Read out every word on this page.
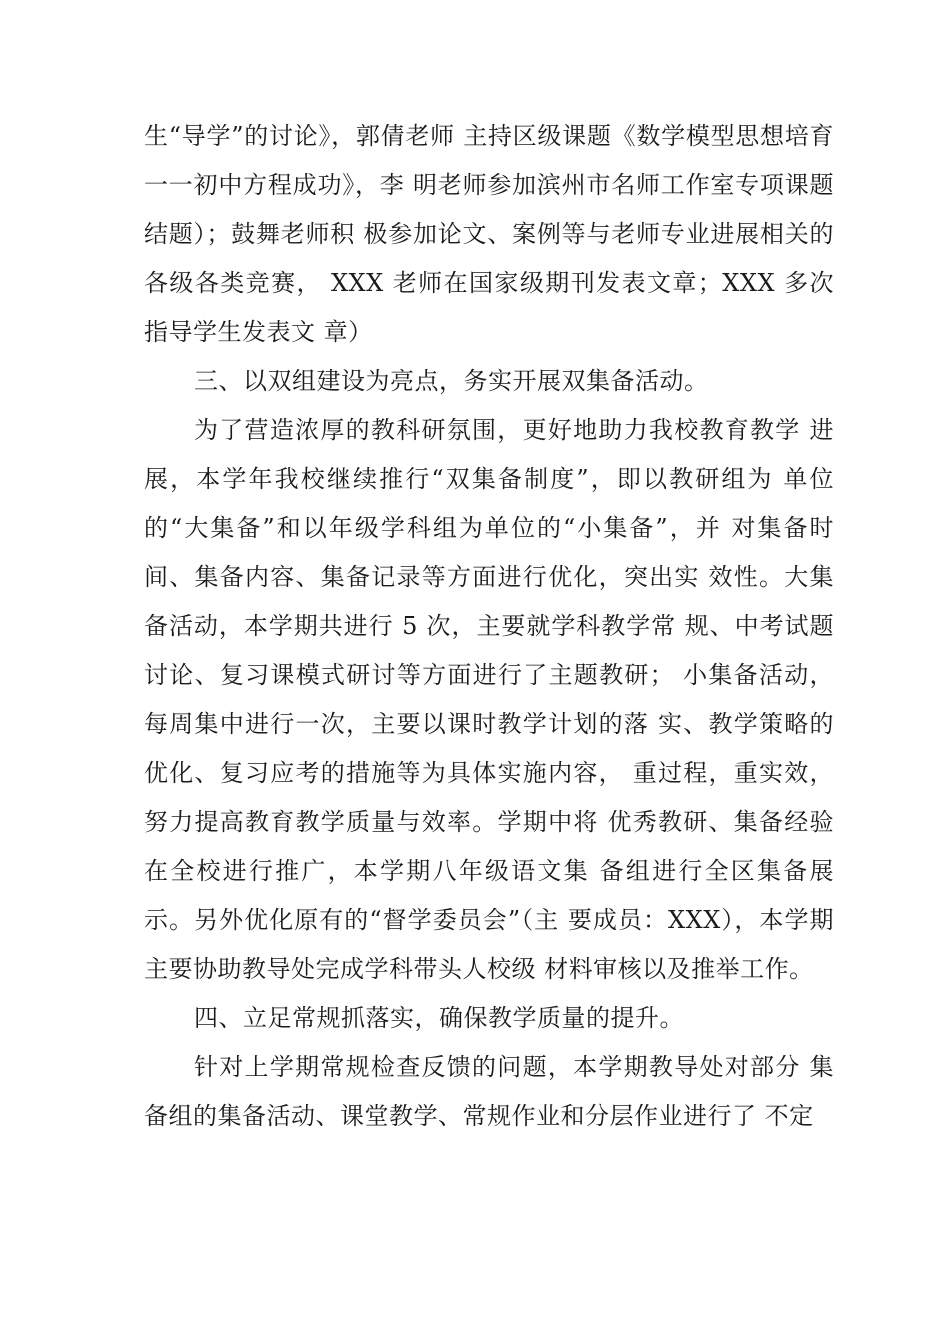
生“导学”的讨论》，郭倩老师 主持区级课题《数学模型思想培育一一初中方程成功》，李 明老师参加滨州市名师工作室专项课题结题）；鼓舞老师积 极参加论文、案例等与老师专业进展相关的各级各类竞赛， XXX 老师在国家级期刊发表文章；XXX 多次指导学生发表文 章）

三、以双组建设为亮点，务实开展双集备活动。

为了营造浓厚的教科研氛围，更好地助力我校教育教学 进展，本学年我校继续推行“双集备制度”，即以教研组为 单位的“大集备”和以年级学科组为单位的“小集备”，并 对集备时间、集备内容、集备记录等方面进行优化，突出实 效性。大集备活动，本学期共进行 5 次，主要就学科教学常 规、中考试题讨论、复习课模式研讨等方面进行了主题教研； 小集备活动，每周集中进行一次，主要以课时教学计划的落 实、教学策略的优化、复习应考的措施等为具体实施内容， 重过程，重实效，努力提高教育教学质量与效率。学期中将 优秀教研、集备经验在全校进行推广，本学期八年级语文集 备组进行全区集备展示。另外优化原有的“督学委员会”（主 要成员：XXX），本学期主要协助教导处完成学科带头人校级 材料审核以及推举工作。

四、立足常规抓落实，确保教学质量的提升。

针对上学期常规检查反馈的问题，本学期教导处对部分 集备组的集备活动、课堂教学、常规作业和分层作业进行了 不定
